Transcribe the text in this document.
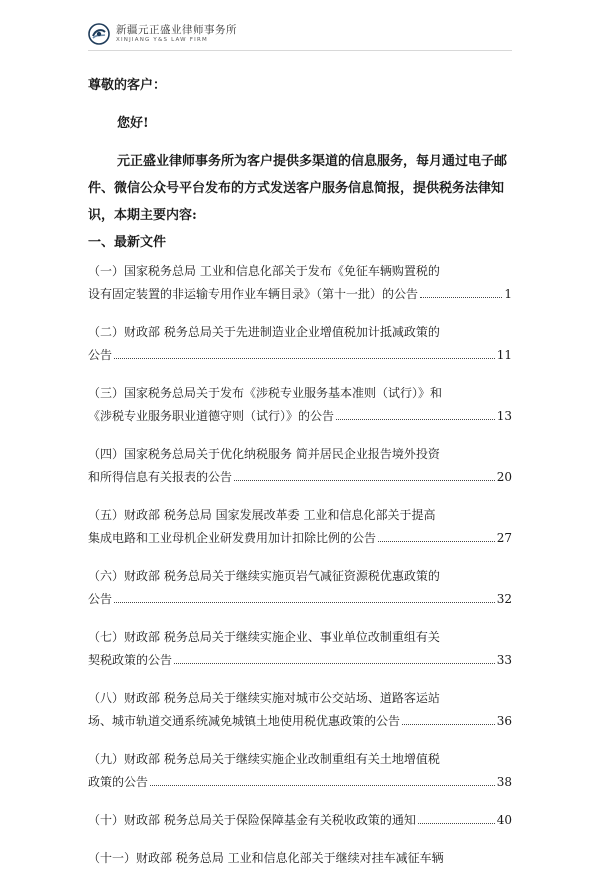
新疆元正盛业律师事务所
XINJIANG Y&S LAW FIRM

尊敬的客户：

您好!

元正盛业律师事务所为客户提供多渠道的信息服务，每月通过电子邮件、微信公众号平台发布的方式发送客户服务信息简报，提供税务法律知识，本期主要内容:

一、最新文件
（一）国家税务总局 工业和信息化部关于发布《免征车辆购置税的
设有固定装置的非运输专用作业车辆目录》（第十一批）的公告	1
（二）财政部 税务总局关于先进制造业企业增值税加计抵减政策的
公告	11
（三）国家税务总局关于发布《涉税专业服务基本准则（试行）》和
《涉税专业服务职业道德守则（试行）》的公告	13
（四）国家税务总局关于优化纳税服务 简并居民企业报告境外投资
和所得信息有关报表的公告	20
（五）财政部 税务总局 国家发展改革委 工业和信息化部关于提高
集成电路和工业母机企业研发费用加计扣除比例的公告	27
（六）财政部 税务总局关于继续实施页岩气减征资源税优惠政策的
公告	32
（七）财政部 税务总局关于继续实施企业、事业单位改制重组有关
契税政策的公告	33
（八）财政部 税务总局关于继续实施对城市公交站场、道路客运站
场、城市轨道交通系统减免城镇土地使用税优惠政策的公告	36
（九）财政部 税务总局关于继续实施企业改制重组有关土地增值税
政策的公告	38
（十）财政部 税务总局关于保险保障基金有关税收政策的通知	40
（十一）财政部 税务总局 工业和信息化部关于继续对挂车减征车辆
